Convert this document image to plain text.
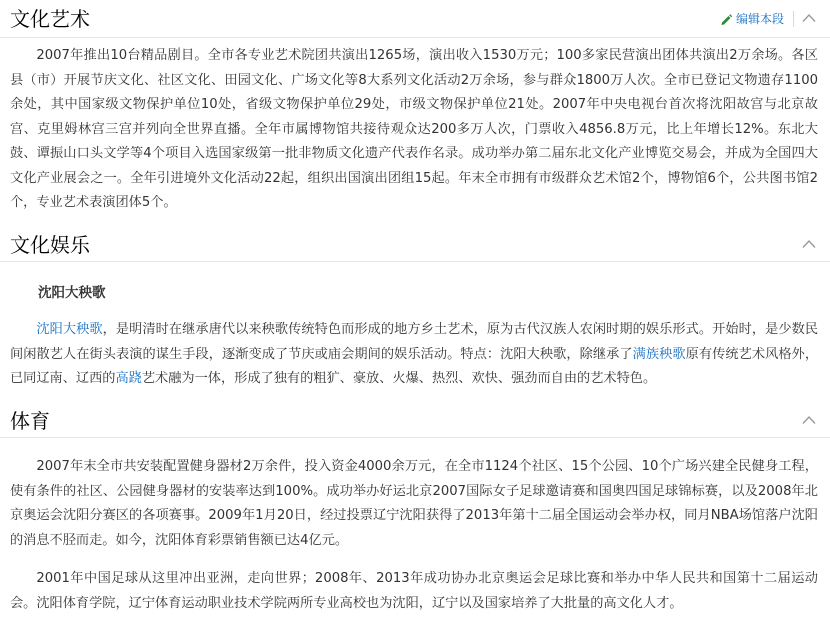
文化艺术	编辑本段

2007年推出10台精品剧目。全市各专业艺术院团共演出1265场，演出收入1530万元；100多家民营演出团体共演出2万余场。各区县（市）开展节庆文化、社区文化、田园文化、广场文化等8大系列文化活动2万余场，参与群众1800万人次。全市已登记文物遗存1100余处，其中国家级文物保护单位10处，省级文物保护单位29处，市级文物保护单位21处。2007年中央电视台首次将沈阳故宫与北京故宫、克里姆林宫三宫并列向全世界直播。全年市属博物馆共接待观众达200多万人次，门票收入4856.8万元，比上年增长12%。东北大鼓、谭振山口头文学等4个项目入选国家级第一批非物质文化遗产代表作名录。成功举办第二届东北文化产业博览交易会，并成为全国四大文化产业展会之一。全年引进境外文化活动22起，组织出国演出团组15起。年末全市拥有市级群众艺术馆2个，博物馆6个，公共图书馆2个，专业艺术表演团体5个。

文化娱乐
沈阳大秧歌

沈阳大秧歌，是明清时在继承唐代以来秧歌传统特色而形成的地方乡土艺术，原为古代汉族人农闲时期的娱乐形式。开始时，是少数民间闲散艺人在街头表演的谋生手段，逐渐变成了节庆或庙会期间的娱乐活动。特点：沈阳大秧歌，除继承了满族秧歌原有传统艺术风格外，已同辽南、辽西的高跷艺术融为一体，形成了独有的粗犷、豪放、火爆、热烈、欢快、强劲而自由的艺术特色。

体育

2007年末全市共安装配置健身器材2万余件，投入资金4000余万元，在全市1124个社区、15个公园、10个广场兴建全民健身工程，使有条件的社区、公园健身器材的安装率达到100%。成功举办好运北京2007国际女子足球邀请赛和国奥四国足球锦标赛，以及2008年北京奥运会沈阳分赛区的各项赛事。2009年1月20日，经过投票辽宁沈阳获得了2013年第十二届全国运动会举办权，同月NBA场馆落户沈阳的消息不胫而走。如今，沈阳体育彩票销售额已达4亿元。

2001年中国足球从这里冲出亚洲，走向世界；2008年、2013年成功协办北京奥运会足球比赛和举办中华人民共和国第十二届运动会。沈阳体育学院，辽宁体育运动职业技术学院两所专业高校也为沈阳，辽宁以及国家培养了大批量的高文化人才。
